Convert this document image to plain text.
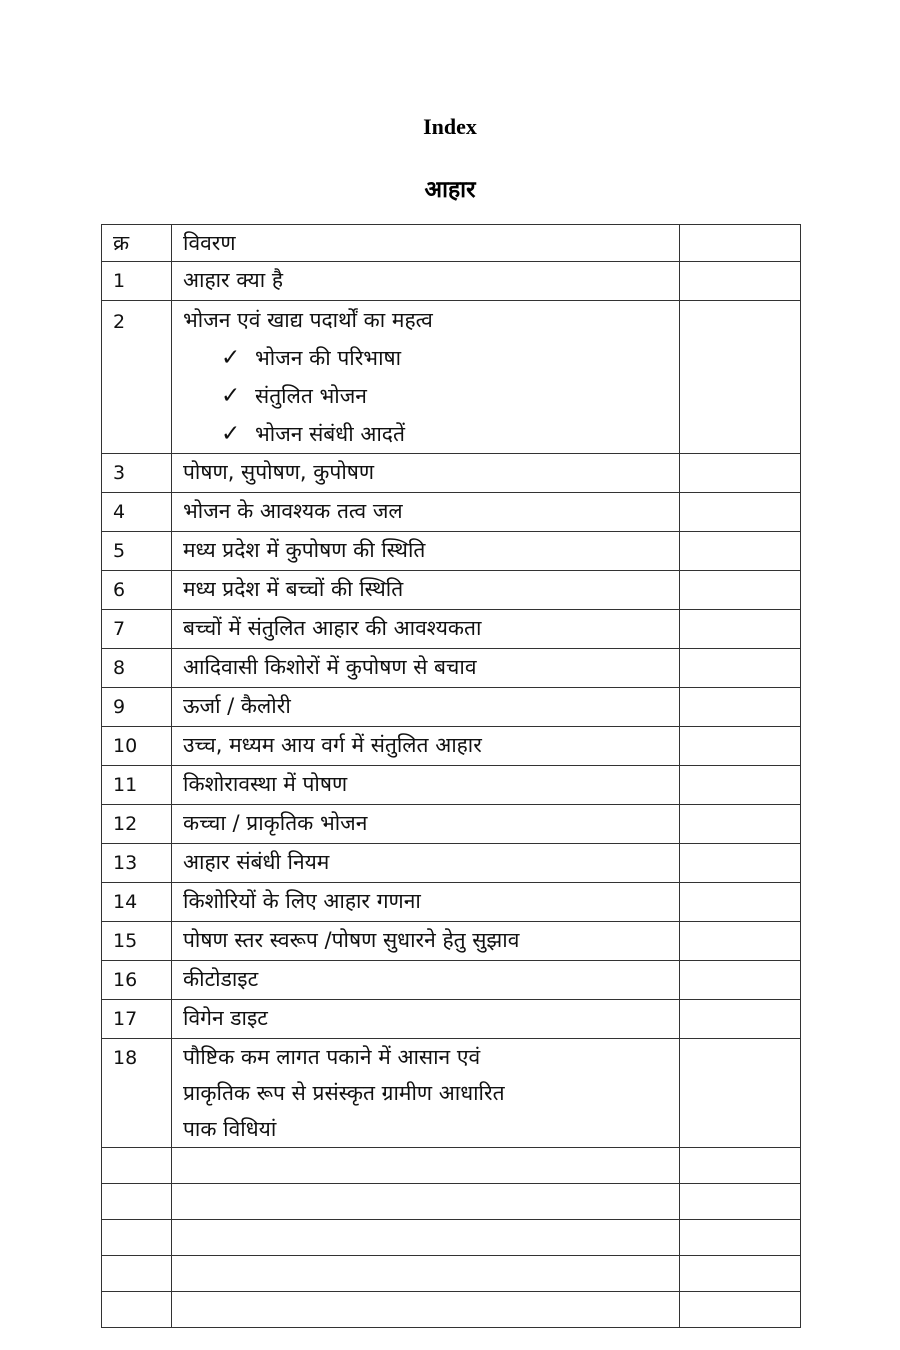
Index
आहार
क्र	विवरण	
1	आहार क्या है	
2	भोजन एवं खाद्य पदार्थों का महत्व
✓ भोजन की परिभाषा
✓ संतुलित भोजन
✓ भोजन संबंधी आदतें	

3	पोषण, सुपोषण, कुपोषण	
4	भोजन के आवश्यक तत्व जल	
5	मध्य प्रदेश में कुपोषण की स्थिति	
6	मध्य प्रदेश में बच्चों की स्थिति	
7	बच्चों में संतुलित आहार की आवश्यकता	
8	आदिवासी किशोरों में कुपोषण से बचाव	
9	ऊर्जा / कैलोरी	
10	उच्च, मध्यम आय वर्ग में संतुलित आहार	
11	किशोरावस्था में पोषण	
12	कच्चा / प्राकृतिक भोजन	
13	आहार संबंधी नियम	
14	किशोरियों के लिए आहार गणना	
15	पोषण स्तर स्वरूप /पोषण सुधारने हेतु सुझाव	
16	कीटोडाइट	
17	विगेन डाइट	
18	पौष्टिक कम लागत पकाने में आसान एवं
प्राकृतिक रूप से प्रसंस्कृत ग्रामीण आधारित
पाक विधियां	
